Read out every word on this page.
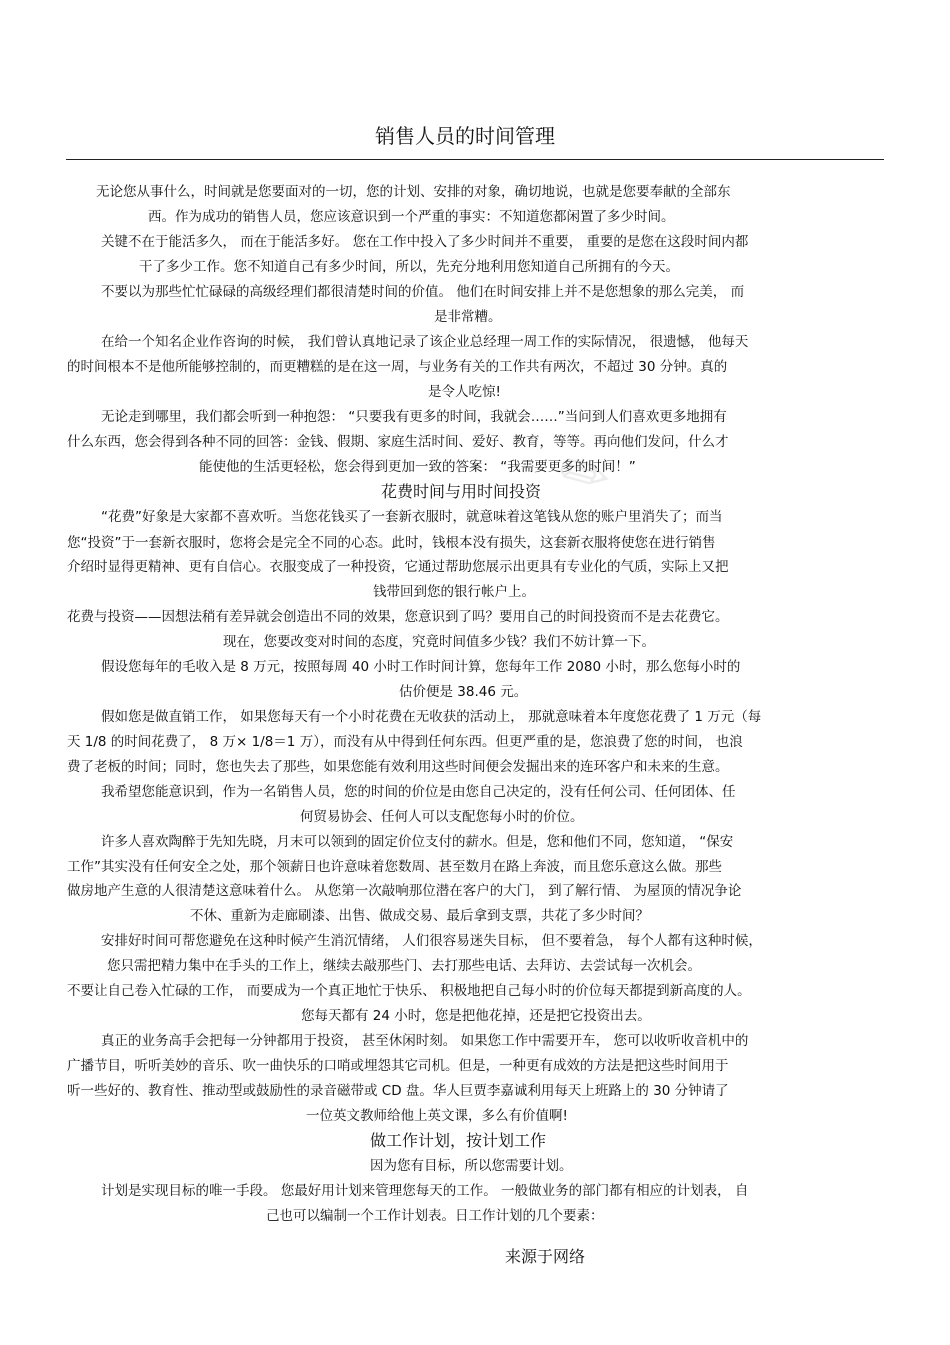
销售人员的时间管理
✎
无论您从事什么，时间就是您要面对的一切，您的计划、安排的对象，确切地说，也就是您要奉献的全部东
西。作为成功的销售人员，您应该意识到一个严重的事实：不知道您都闲置了多少时间。
关键不在于能活多久， 而在于能活多好。 您在工作中投入了多少时间并不重要， 重要的是您在这段时间内都
干了多少工作。您不知道自己有多少时间，所以，先充分地利用您知道自己所拥有的今天。
不要以为那些忙忙碌碌的高级经理们都很清楚时间的价值。 他们在时间安排上并不是您想象的那么完美， 而
是非常糟。
在给一个知名企业作咨询的时候， 我们曾认真地记录了该企业总经理一周工作的实际情况， 很遗憾， 他每天
的时间根本不是他所能够控制的，而更糟糕的是在这一周，与业务有关的工作共有两次，不超过 30 分钟。真的
是令人吃惊!
无论走到哪里，我们都会听到一种抱怨： “只要我有更多的时间，我就会……”当问到人们喜欢更多地拥有
什么东西，您会得到各种不同的回答：金钱、假期、家庭生活时间、爱好、教育，等等。再向他们发问，什么才
能使他的生活更轻松，您会得到更加一致的答案： “我需要更多的时间！”
花费时间与用时间投资
“花费”好象是大家都不喜欢听。当您花钱买了一套新衣服时，就意味着这笔钱从您的账户里消失了；而当
您“投资”于一套新衣服时，您将会是完全不同的心态。此时，钱根本没有损失，这套新衣服将使您在进行销售
介绍时显得更精神、更有自信心。衣服变成了一种投资，它通过帮助您展示出更具有专业化的气质，实际上又把
钱带回到您的银行帐户上。
花费与投资——因想法稍有差异就会创造出不同的效果，您意识到了吗？要用自己的时间投资而不是去花费它。
现在，您要改变对时间的态度，究竟时间值多少钱？我们不妨计算一下。
假设您每年的毛收入是 8 万元，按照每周 40 小时工作时间计算，您每年工作 2080 小时，那么您每小时的
估价便是 38.46 元。
假如您是做直销工作， 如果您每天有一个小时花费在无收获的活动上， 那就意味着本年度您花费了 1 万元（每
天 1/8 的时间花费了， 8 万× 1/8＝1 万），而没有从中得到任何东西。但更严重的是，您浪费了您的时间， 也浪
费了老板的时间；同时，您也失去了那些，如果您能有效利用这些时间便会发掘出来的连环客户和未来的生意。
我希望您能意识到，作为一名销售人员，您的时间的价位是由您自己决定的，没有任何公司、任何团体、任
何贸易协会、任何人可以支配您每小时的价位。
许多人喜欢陶醉于先知先晓，月末可以领到的固定价位支付的薪水。但是，您和他们不同，您知道， “保安
工作”其实没有任何安全之处，那个领薪日也许意味着您数周、甚至数月在路上奔波，而且您乐意这么做。那些
做房地产生意的人很清楚这意味着什么。 从您第一次敲响那位潜在客户的大门， 到了解行情、 为屋顶的情况争论
不休、重新为走廊刷漆、出售、做成交易、最后拿到支票，共花了多少时间？
安排好时间可帮您避免在这种时候产生消沉情绪， 人们很容易迷失目标， 但不要着急， 每个人都有这种时候，
您只需把精力集中在手头的工作上，继续去敲那些门、去打那些电话、去拜访、去尝试每一次机会。
不要让自己卷入忙碌的工作， 而要成为一个真正地忙于快乐、 积极地把自己每小时的价位每天都提到新高度的人。
您每天都有 24 小时，您是把他花掉，还是把它投资出去。
真正的业务高手会把每一分钟都用于投资， 甚至休闲时刻。 如果您工作中需要开车， 您可以收听收音机中的
广播节目，听听美妙的音乐、吹一曲快乐的口哨或埋怨其它司机。但是，一种更有成效的方法是把这些时间用于
听一些好的、教育性、推动型或鼓励性的录音磁带或 CD 盘。华人巨贾李嘉诚利用每天上班路上的 30 分钟请了
一位英文教师给他上英文课，多么有价值啊!
做工作计划，按计划工作
因为您有目标，所以您需要计划。
计划是实现目标的唯一手段。 您最好用计划来管理您每天的工作。 一般做业务的部门都有相应的计划表， 自
己也可以编制一个工作计划表。日工作计划的几个要素：
来源于网络
